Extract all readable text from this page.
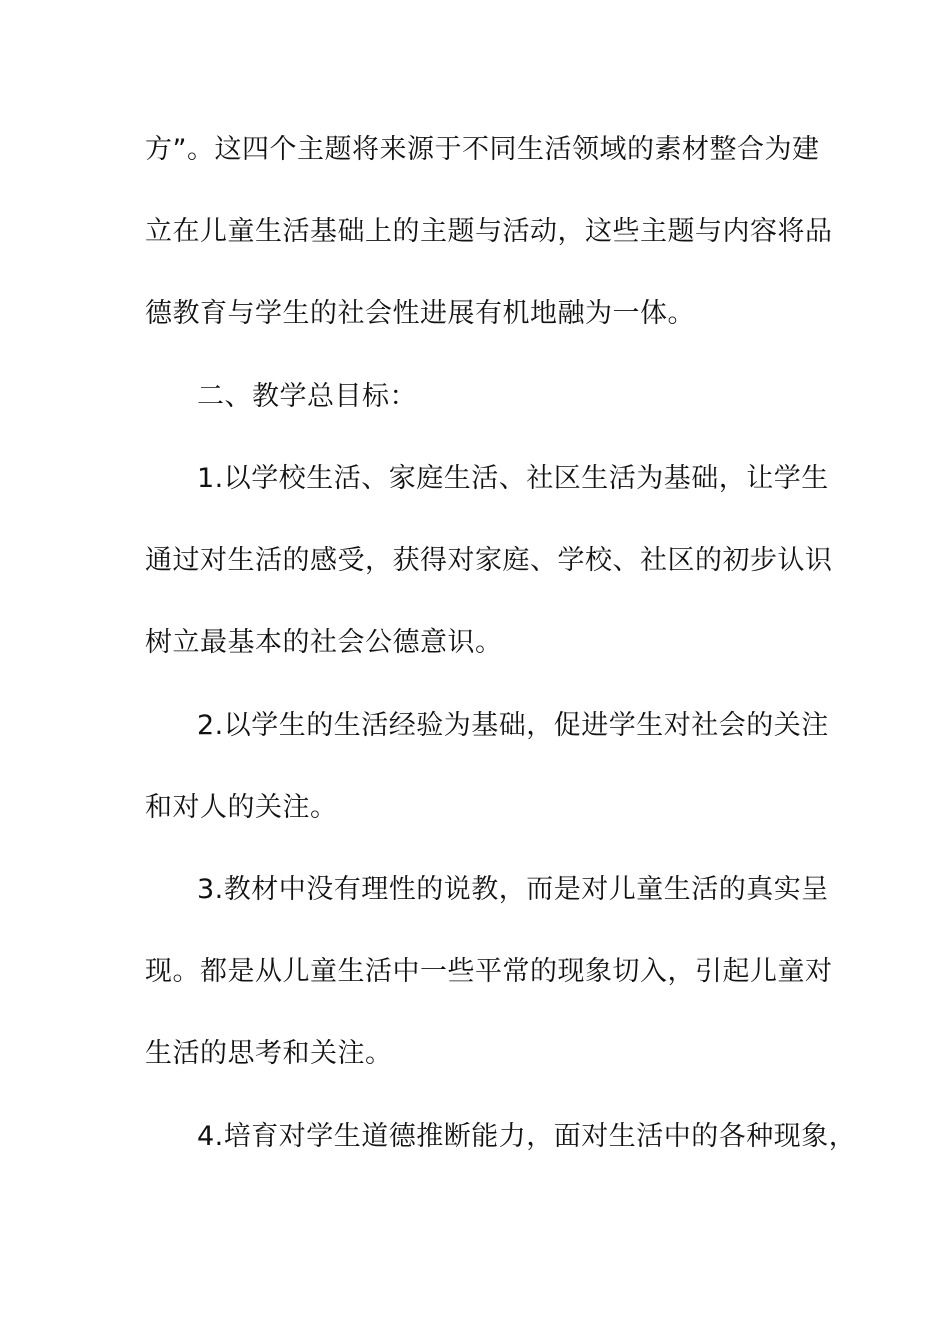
方”。这四个主题将来源于不同生活领域的素材整合为建
立在儿童生活基础上的主题与活动，这些主题与内容将品
德教育与学生的社会性进展有机地融为一体。
二、教学总目标：
1.以学校生活、家庭生活、社区生活为基础，让学生
通过对生活的感受，获得对家庭、学校、社区的初步认识
树立最基本的社会公德意识。
2.以学生的生活经验为基础，促进学生对社会的关注
和对人的关注。
3.教材中没有理性的说教，而是对儿童生活的真实呈
现。都是从儿童生活中一些平常的现象切入，引起儿童对
生活的思考和关注。
4.培育对学生道德推断能力，面对生活中的各种现象，
